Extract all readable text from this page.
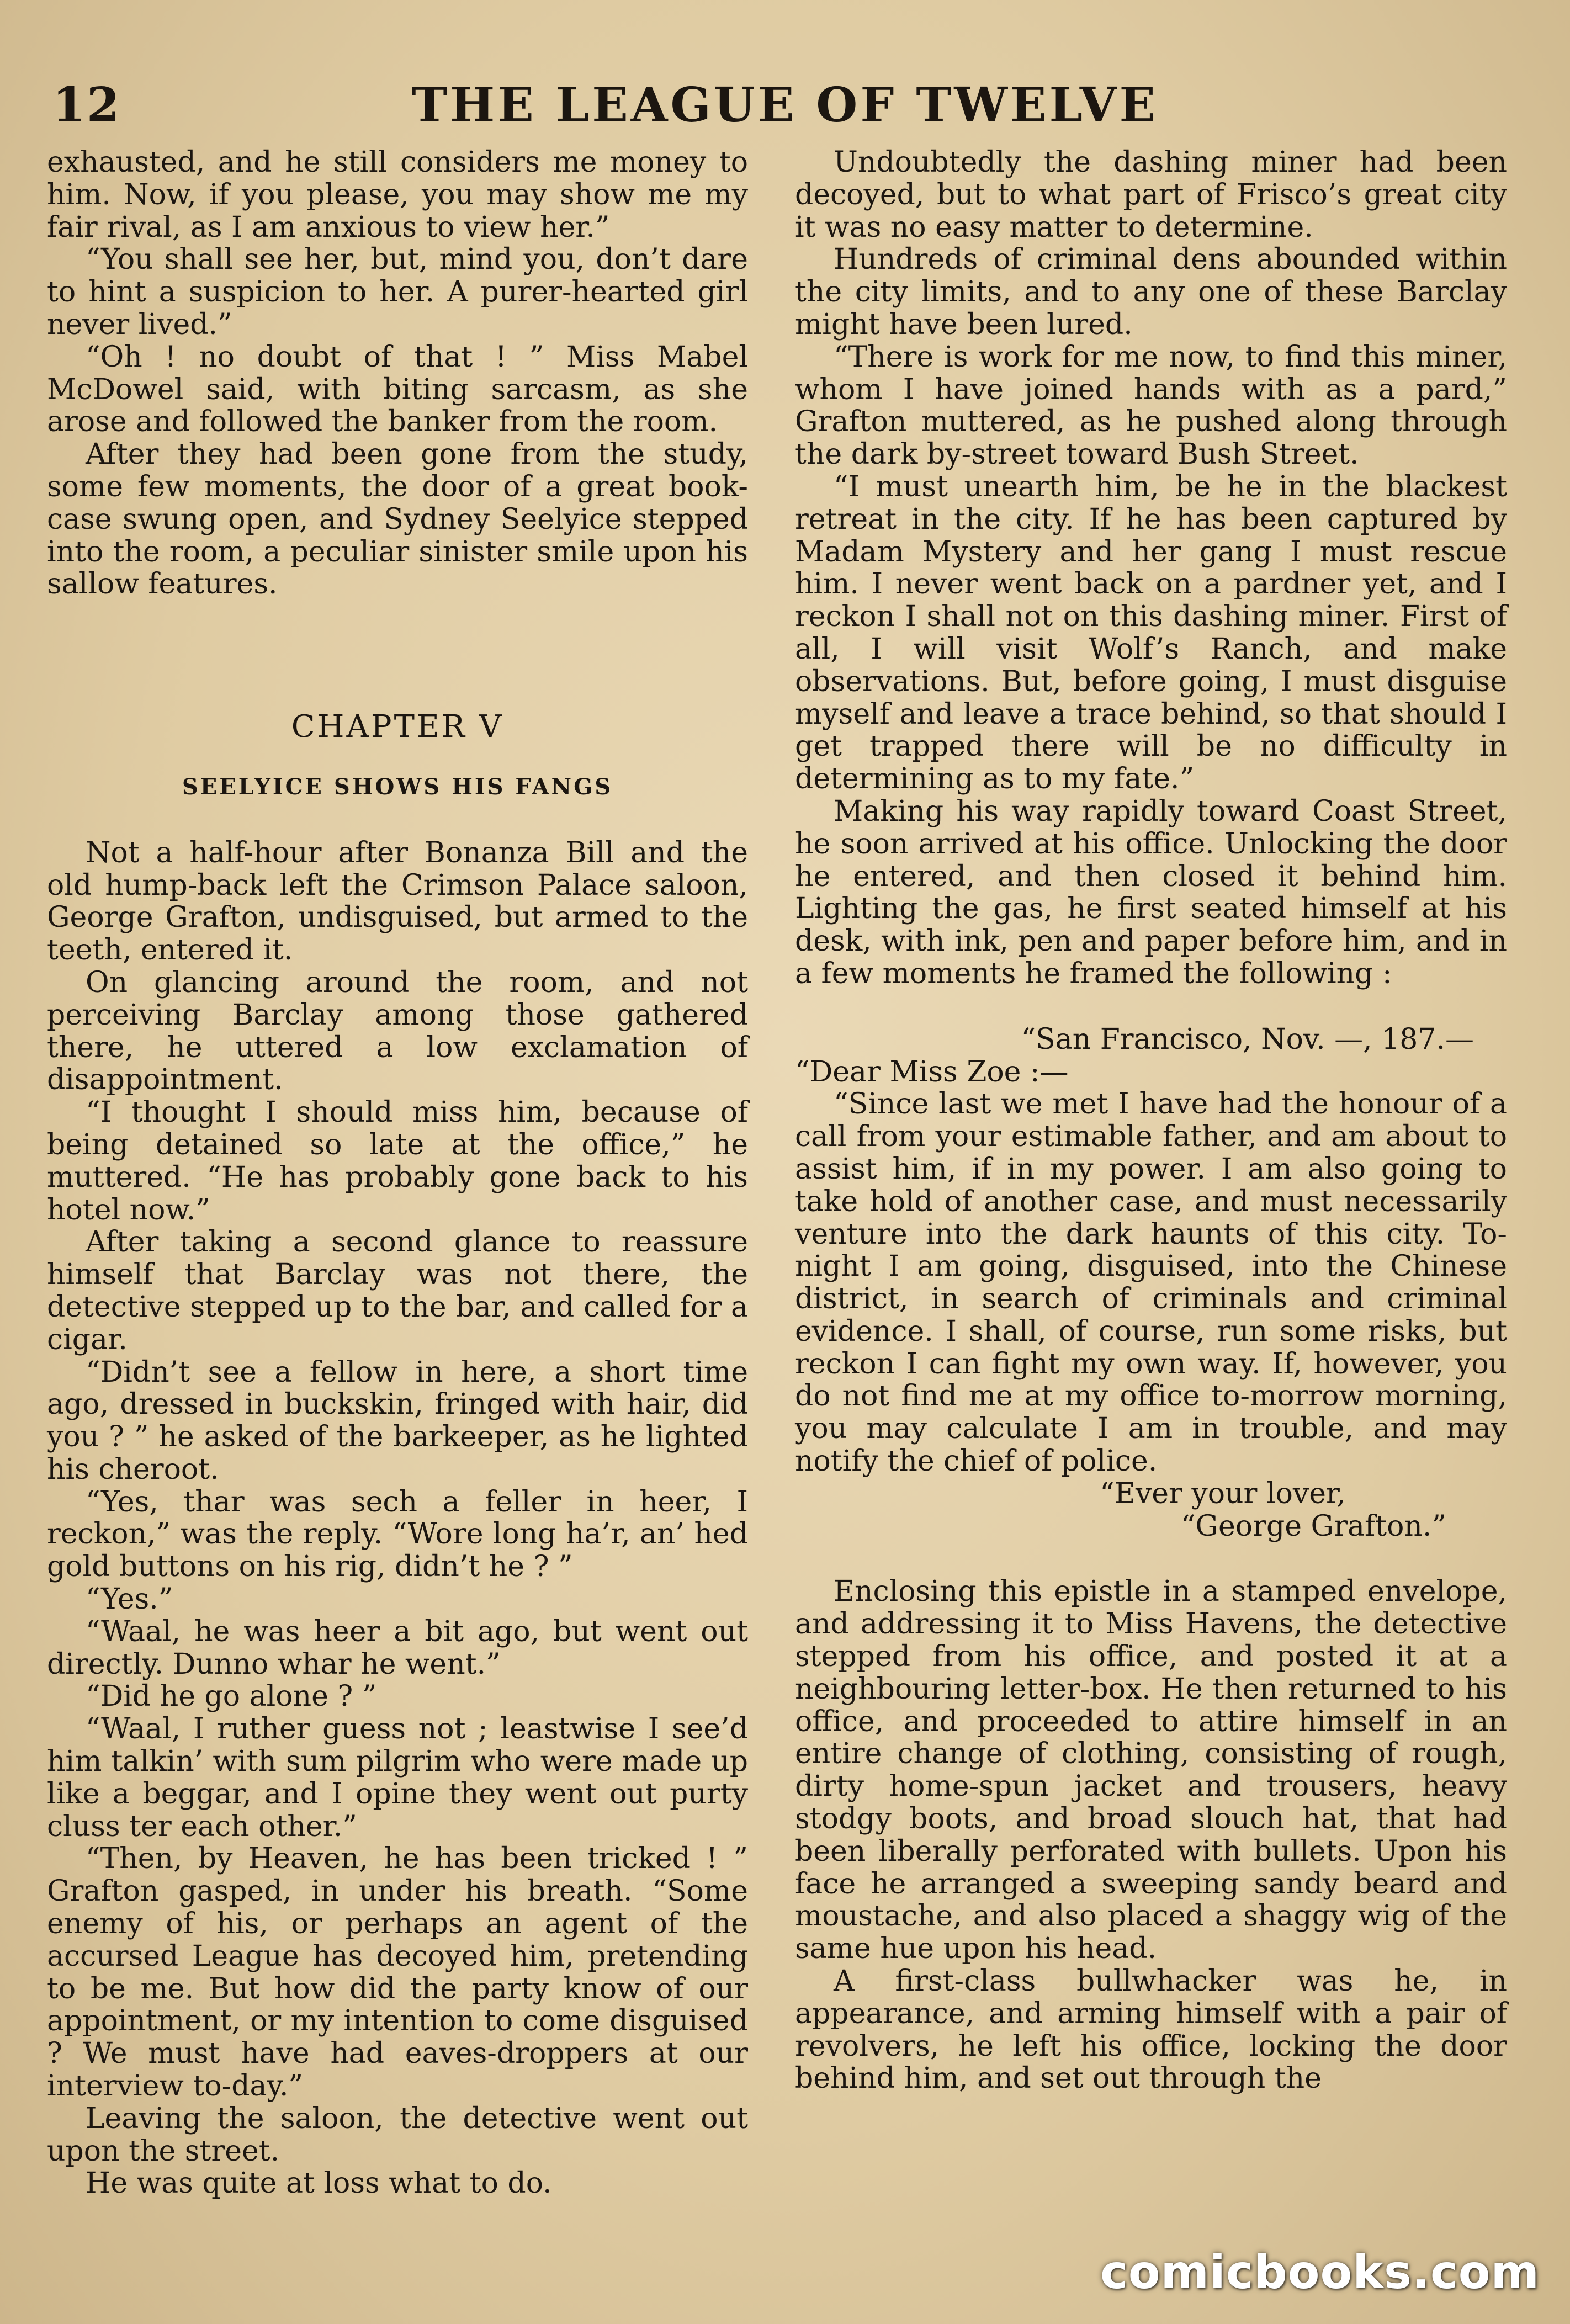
12	THE LEAGUE OF TWELVE

exhausted, and he still considers me money to him. Now, if you please, you may show me my fair rival, as I am anxious to view her.”

“You shall see her, but, mind you, don’t dare to hint a suspicion to her. A purer-hearted girl never lived.”

“Oh ! no doubt of that ! ” Miss Mabel McDowel said, with biting sarcasm, as she arose and followed the banker from the room.

After they had been gone from the study, some few moments, the door of a great book-case swung open, and Sydney Seelyice stepped into the room, a peculiar sinister smile upon his sallow features.

CHAPTER V
SEELYICE SHOWS HIS FANGS

Not a half-hour after Bonanza Bill and the old hump-back left the Crimson Palace saloon, George Grafton, undisguised, but armed to the teeth, entered it.

On glancing around the room, and not perceiving Barclay among those gathered there, he uttered a low exclamation of disappointment.

“I thought I should miss him, because of being detained so late at the office,” he muttered. “He has probably gone back to his hotel now.”

After taking a second glance to reassure himself that Barclay was not there, the detective stepped up to the bar, and called for a cigar.

“Didn’t see a fellow in here, a short time ago, dressed in buckskin, fringed with hair, did you ? ” he asked of the barkeeper, as he lighted his cheroot.

“Yes, thar was sech a feller in heer, I reckon,” was the reply. “Wore long ha’r, an’ hed gold buttons on his rig, didn’t he ? ”

“Yes.”

“Waal, he was heer a bit ago, but went out directly. Dunno whar he went.”

“Did he go alone ? ”

“Waal, I ruther guess not ; leastwise I see’d him talkin’ with sum pilgrim who were made up like a beggar, and I opine they went out purty cluss ter each other.”

“Then, by Heaven, he has been tricked ! ” Grafton gasped, in under his breath. “Some enemy of his, or perhaps an agent of the accursed League has decoyed him, pretending to be me. But how did the party know of our appointment, or my intention to come disguised ? We must have had eaves-droppers at our interview to-day.”

Leaving the saloon, the detective went out upon the street.

He was quite at loss what to do.

Undoubtedly the dashing miner had been decoyed, but to what part of Frisco’s great city it was no easy matter to determine.

Hundreds of criminal dens abounded within the city limits, and to any one of these Barclay might have been lured.

“There is work for me now, to find this miner, whom I have joined hands with as a pard,” Grafton muttered, as he pushed along through the dark by-street toward Bush Street.

“I must unearth him, be he in the blackest retreat in the city. If he has been captured by Madam Mystery and her gang I must rescue him. I never went back on a pardner yet, and I reckon I shall not on this dashing miner. First of all, I will visit Wolf’s Ranch, and make observations. But, before going, I must disguise myself and leave a trace behind, so that should I get trapped there will be no difficulty in determining as to my fate.”

Making his way rapidly toward Coast Street, he soon arrived at his office. Unlocking the door he entered, and then closed it behind him. Lighting the gas, he first seated himself at his desk, with ink, pen and paper before him, and in a few moments he framed the following :

“San Francisco, Nov. —, 187.—

“Dear Miss Zoe :—

“Since last we met I have had the honour of a call from your estimable father, and am about to assist him, if in my power. I am also going to take hold of another case, and must necessarily venture into the dark haunts of this city. To-night I am going, disguised, into the Chinese district, in search of criminals and criminal evidence. I shall, of course, run some risks, but reckon I can fight my own way. If, however, you do not find me at my office to-morrow morning, you may calculate I am in trouble, and may notify the chief of police.

“Ever your lover,

“George Grafton.”

Enclosing this epistle in a stamped envelope, and addressing it to Miss Havens, the detective stepped from his office, and posted it at a neighbouring letter-box. He then returned to his office, and proceeded to attire himself in an entire change of clothing, consisting of rough, dirty home-spun jacket and trousers, heavy stodgy boots, and broad slouch hat, that had been liberally perforated with bullets. Upon his face he arranged a sweeping sandy beard and moustache, and also placed a shaggy wig of the same hue upon his head.

A first-class bullwhacker was he, in appearance, and arming himself with a pair of revolvers, he left his office, locking the door behind him, and set out through the

comicbooks.com
